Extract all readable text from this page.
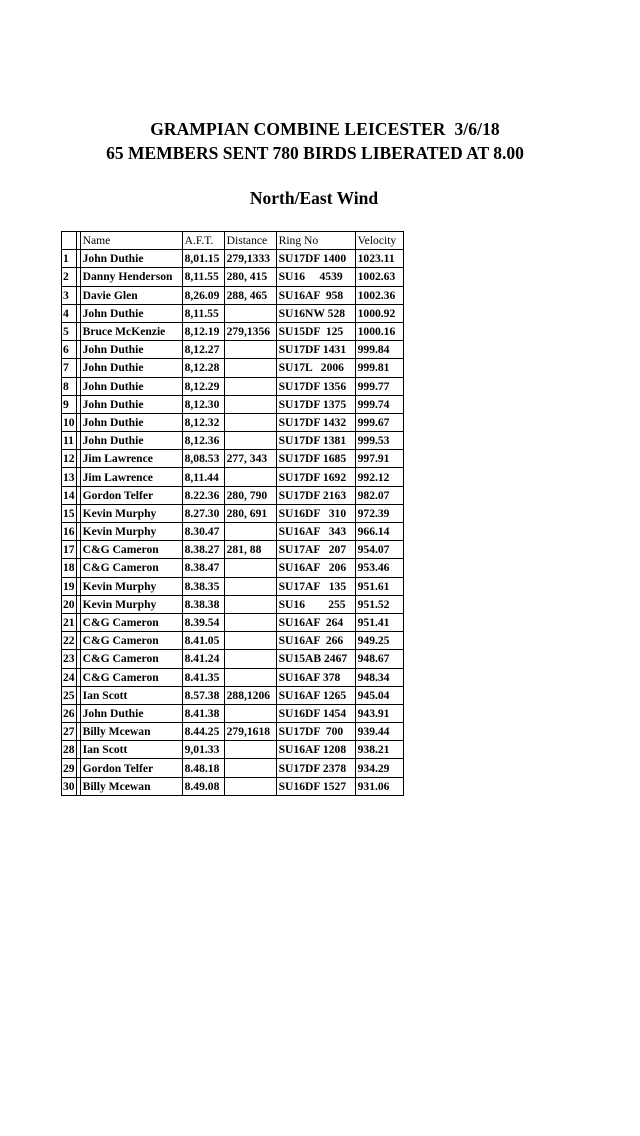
GRAMPIAN COMBINE LEICESTER  3/6/18
65 MEMBERS SENT 780 BIRDS LIBERATED AT 8.00
North/East Wind
		Name	A.F.T.	Distance	Ring No	Velocity
1		John Duthie	8,01.15	279,1333	SU17DF 1400	1023.11
2		Danny Henderson	8,11.55	280, 415	SU16     4539	1002.63
3		Davie Glen	8,26.09	288, 465	SU16AF  958	1002.36
4		John Duthie	8,11.55		SU16NW 528	1000.92
5		Bruce McKenzie	8,12.19	279,1356	SU15DF  125	1000.16
6		John Duthie	8,12.27		SU17DF 1431	999.84
7		John Duthie	8,12.28		SU17L   2006	999.81
8		John Duthie	8,12.29		SU17DF 1356	999.77
9		John Duthie	8,12.30		SU17DF 1375	999.74
10		John Duthie	8,12.32		SU17DF 1432	999.67
11		John Duthie	8,12.36		SU17DF 1381	999.53
12		Jim Lawrence	8,08.53	277, 343	SU17DF 1685	997.91
13		Jim Lawrence	8,11.44		SU17DF 1692	992.12
14		Gordon Telfer	8.22.36	280, 790	SU17DF 2163	982.07
15		Kevin Murphy	8.27.30	280, 691	SU16DF   310	972.39
16		Kevin Murphy	8.30.47		SU16AF   343	966.14
17		C&G Cameron	8.38.27	281, 88	SU17AF   207	954.07
18		C&G Cameron	8.38.47		SU16AF   206	953.46
19		Kevin Murphy	8.38.35		SU17AF   135	951.61
20		Kevin Murphy	8.38.38		SU16        255	951.52
21		C&G Cameron	8.39.54		SU16AF  264	951.41
22		C&G Cameron	8.41.05		SU16AF  266	949.25
23		C&G Cameron	8.41.24		SU15AB 2467	948.67
24		C&G Cameron	8.41.35		SU16AF 378	948.34
25		Ian Scott	8.57.38	288,1206	SU16AF 1265	945.04
26		John Duthie	8.41.38		SU16DF 1454	943.91
27		Billy Mcewan	8.44.25	279,1618	SU17DF  700	939.44
28		Ian Scott	9,01.33		SU16AF 1208	938.21
29		Gordon Telfer	8.48.18		SU17DF 2378	934.29
30		Billy Mcewan	8.49.08		SU16DF 1527	931.06
